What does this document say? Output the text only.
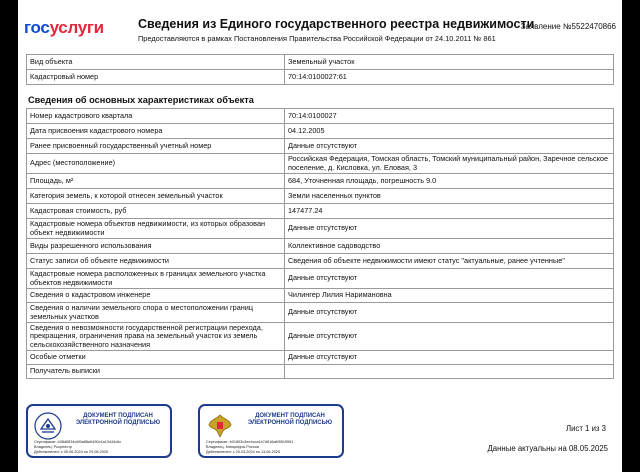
госуслуги	Сведения из Единого государственного реестра недвижимости
Предоставляются в рамках Постановления Правительства Российской Федерации от 24.10.2011 № 861
Заявление №5522470866
Вид объекта	Земельный участок
Кадастровый номер	70:14:0100027:61
Сведения об основных характеристиках объекта
Номер кадастрового квартала	70:14:0100027
Дата присвоения кадастрового номера	04.12.2005
Ранее присвоенный государственный учетный номер	Данные отсутствуют
Адрес (местоположение)	Российская Федерация, Томская область, Томский муниципальный район, Заречное сельское поселение, д. Кисловка, ул. Еловая, 3
Площадь, м²	684, Уточненная площадь, погрешность 9.0
Категория земель, к которой отнесен земельный участок	Земли населенных пунктов
Кадастровая стоимость, руб	147477.24
Кадастровые номера объектов недвижимости, из которых образован объект недвижимости	Данные отсутствуют
Виды разрешенного использования	Коллективное садоводство
Статус записи об объекте недвижимости	Сведения об объекте недвижимости имеют статус "актуальные, ранее учтенные"
Кадастровые номера расположенных в границах земельного участка объектов недвижимости	Данные отсутствуют
Сведения о кадастровом инженере	Чилингер Лилия Наримановна
Сведения о наличии земельного спора о местоположении границ земельных участков	Данные отсутствуют
Сведения о невозможности государственной регистрации перехода, прекращения, ограничения права на земельный участок из земель сельскохозяйственного назначения	Данные отсутствуют
Особые отметки	Данные отсутствуют
Получатель выписки	
ДОКУМЕНТ ПОДПИСАН ЭЛЕКТРОННОЙ ПОДПИСЬЮ
Сертификат: b38d5834c6f0a88a0490c1a13444c6c
Владелец: Росреестр
Действителен: с 05.06.2024 по 29.08.2025
ДОКУМЕНТ ПОДПИСАН ЭЛЕКТРОННОЙ ПОДПИСЬЮ
Сертификат: b01893c3ee4cca1b7d516a6f5519551
Владелец: Минцифры России
Действителен: с 20.03.2024 по 13.06.2025
Лист 1 из 3
Данные актуальны на 08.05.2025
